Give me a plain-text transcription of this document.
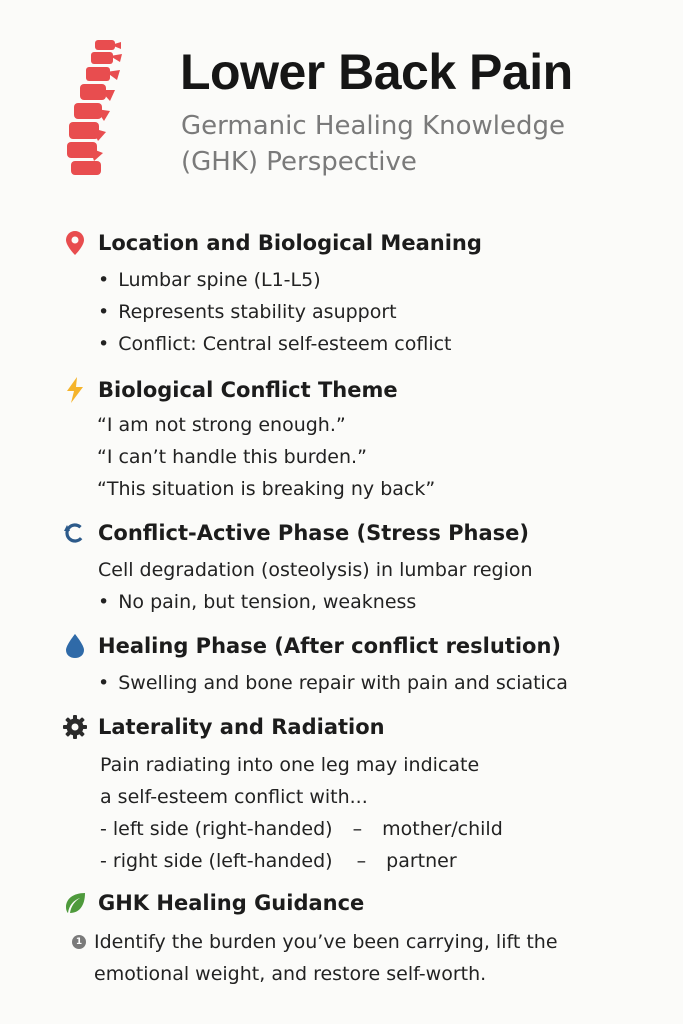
Lower Back Pain
Germanic Healing Knowledge
(GHK) Perspective
Location and Biological Meaning
• Lumbar spine (L1-L5)
• Represents stability asupport
• Conflict: Central self-esteem coflict
Biological Conflict Theme
“I am not strong enough.”
“I can’t handle this burden.”
“This situation is breaking ny back”
Conflict-Active Phase (Stress Phase)
Cell degradation (osteolysis) in lumbar region
• No pain, but tension, weakness
Healing Phase (After conflict reslution)
• Swelling and bone repair with pain and sciatica
Laterality and Radiation
Pain radiating into one leg may indicate
a self-esteem conflict with...
- left side (right-handed) – mother/child
- right side (left-handed) – partner
GHK Healing Guidance
1 Identify the burden you’ve been carrying, lift the
emotional weight, and restore self-worth.
